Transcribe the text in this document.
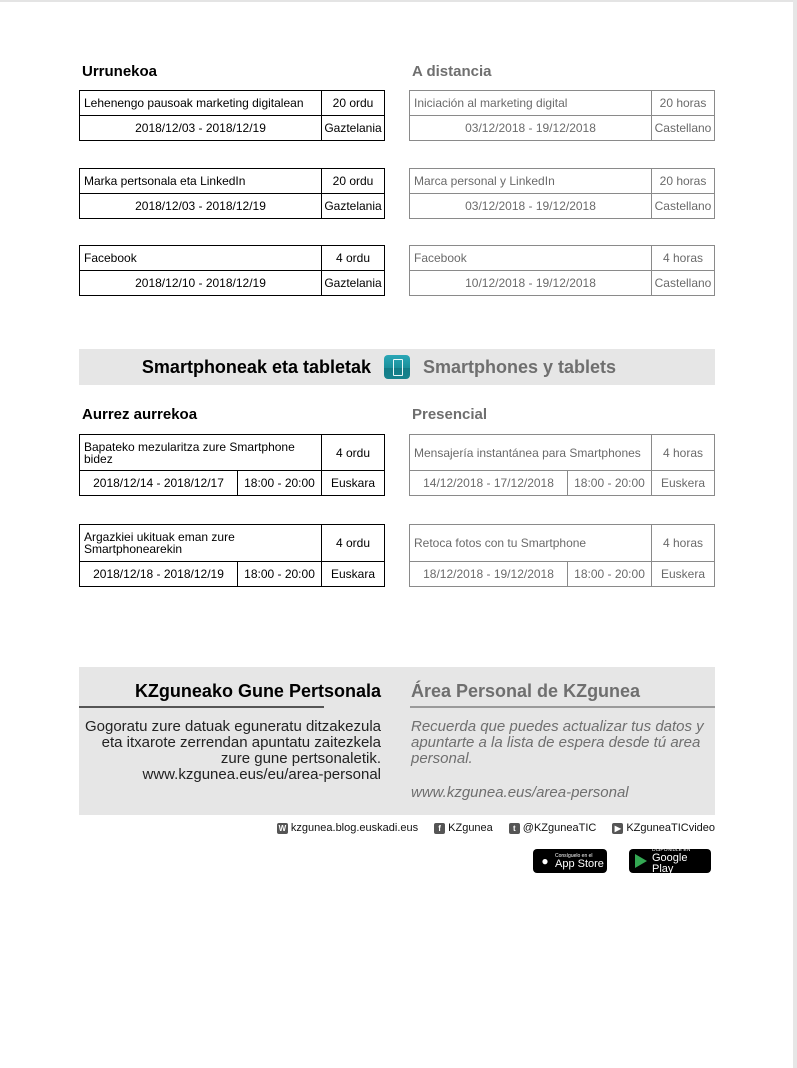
Urrunekoa	A distancia
Lehenengo pausoak marketing digitalean	20 ordu
2018/12/03 - 2018/12/19	Gaztelania
Marka pertsonala eta LinkedIn	20 ordu
2018/12/03 - 2018/12/19	Gaztelania
Facebook	4 ordu
2018/12/10 - 2018/12/19	Gaztelania
Iniciación al marketing digital	20 horas
03/12/2018 - 19/12/2018	Castellano
Marca personal y LinkedIn	20 horas
03/12/2018 - 19/12/2018	Castellano
Facebook	4 horas
10/12/2018 - 19/12/2018	Castellano
Smartphoneak eta tabletak	Smartphones y tablets
Aurrez aurrekoa	Presencial
Bapateko mezularitza zure Smartphone bidez		4 ordu
2018/12/14 - 2018/12/17	18:00 - 20:00	Euskara
Argazkiei ukituak eman zure Smartphonearekin		4 ordu
2018/12/18 - 2018/12/19	18:00 - 20:00	Euskara
Mensajería instantánea para Smartphones		4 horas
14/12/2018 - 17/12/2018	18:00 - 20:00	Euskera
Retoca fotos con tu Smartphone		4 horas
18/12/2018 - 19/12/2018	18:00 - 20:00	Euskera
KZguneako Gune Pertsonala Área Personal de KZgunea
Gogoratu zure datuak eguneratu ditzakezula eta itxarote zerrendan apuntatu zaitezkela zure gune pertsonaletik. www.kzgunea.eus/eu/area-personal
Recuerda que puedes actualizar tus datos y apuntarte a la lista de espera desde tú area personal.
www.kzgunea.eus/area-personal
W kzgunea.blog.euskadi.eus	f KZgunea	t @KZguneaTIC	▶ KZguneaTICvideo
●	Consíguelo en el
App Store
DISPONIBLE EN
Google Play
